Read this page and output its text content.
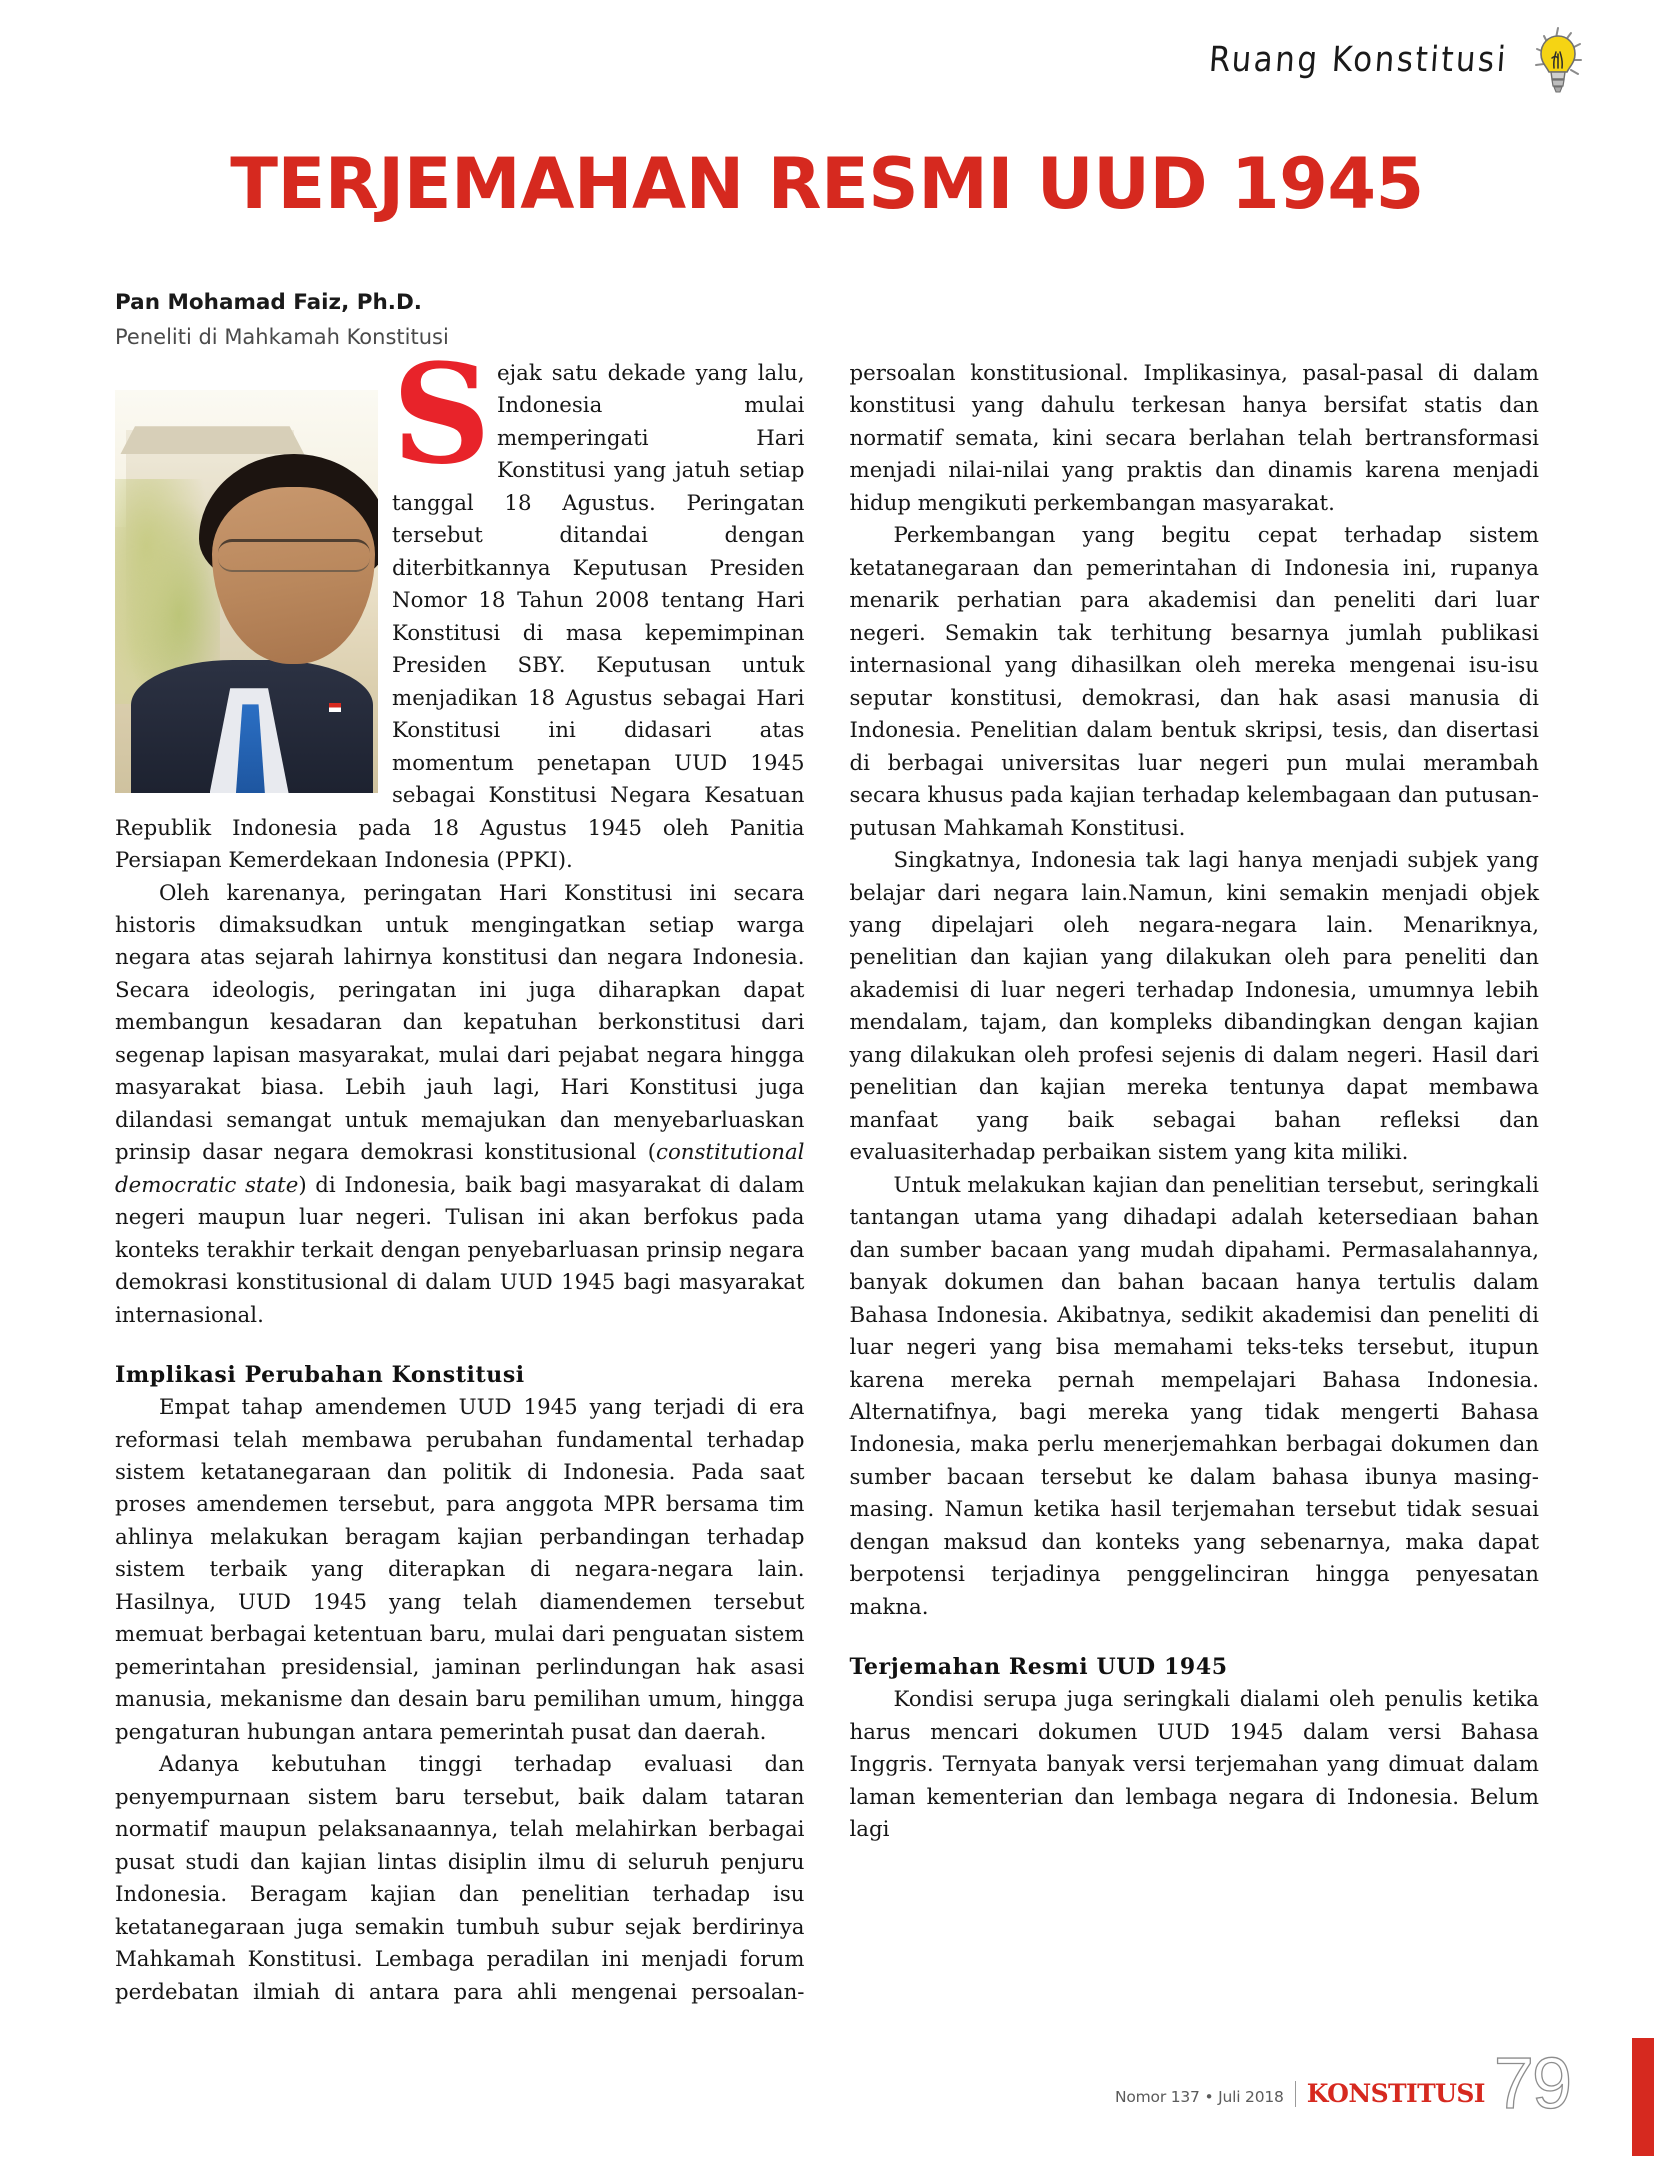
Ruang Konstitusi
TERJEMAHAN RESMI UUD 1945
Pan Mohamad Faiz, Ph.D.
Peneliti di Mahkamah Konstitusi

Sejak satu dekade yang lalu, Indonesia mulai memperingati Hari Konstitusi yang jatuh setiap tanggal 18 Agustus. Peringatan tersebut ditandai dengan diterbitkannya Keputusan Presiden Nomor 18 Tahun 2008 tentang Hari Konstitusi di masa kepemimpinan Presiden SBY. Keputusan untuk menjadikan 18 Agustus sebagai Hari Konstitusi ini didasari atas momentum penetapan UUD 1945 sebagai Konstitusi Negara Kesatuan Republik Indonesia pada 18 Agustus 1945 oleh Panitia Persiapan Kemerdekaan Indonesia (PPKI).

Oleh karenanya, peringatan Hari Konstitusi ini secara historis dimaksudkan untuk mengingatkan setiap warga negara atas sejarah lahirnya konstitusi dan negara Indonesia. Secara ideologis, peringatan ini juga diharapkan dapat membangun kesadaran dan kepatuhan berkonstitusi dari segenap lapisan masyarakat, mulai dari pejabat negara hingga masyarakat biasa. Lebih jauh lagi, Hari Konstitusi juga dilandasi semangat untuk memajukan dan menyebarluaskan prinsip dasar negara demokrasi konstitusional (constitutional democratic state) di Indonesia, baik bagi masyarakat di dalam negeri maupun luar negeri. Tulisan ini akan berfokus pada konteks terakhir terkait dengan penyebarluasan prinsip negara demokrasi konstitusional di dalam UUD 1945 bagi masyarakat internasional.

Implikasi Perubahan Konstitusi

Empat tahap amendemen UUD 1945 yang terjadi di era reformasi telah membawa perubahan fundamental terhadap sistem ketatanegaraan dan politik di Indonesia. Pada saat proses amendemen tersebut, para anggota MPR bersama tim ahlinya melakukan beragam kajian perbandingan terhadap sistem terbaik yang diterapkan di negara-negara lain. Hasilnya, UUD 1945 yang telah diamendemen tersebut memuat berbagai ketentuan baru, mulai dari penguatan sistem pemerintahan presidensial, jaminan perlindungan hak asasi manusia, mekanisme dan desain baru pemilihan umum, hingga pengaturan hubungan antara pemerintah pusat dan daerah.

Adanya kebutuhan tinggi terhadap evaluasi dan penyempurnaan sistem baru tersebut, baik dalam tataran normatif maupun pelaksanaannya, telah melahirkan berbagai pusat studi dan kajian lintas disiplin ilmu di seluruh penjuru Indonesia. Beragam kajian dan penelitian terhadap isu ketatanegaraan juga semakin tumbuh subur sejak berdirinya Mahkamah Konstitusi. Lembaga peradilan ini menjadi forum perdebatan ilmiah di antara para ahli mengenai persoalan-persoalan konstitusional. Implikasinya, pasal-pasal di dalam konstitusi yang dahulu terkesan hanya bersifat statis dan normatif semata, kini secara berlahan telah bertransformasi menjadi nilai-nilai yang praktis dan dinamis karena menjadi hidup mengikuti perkembangan masyarakat.

Perkembangan yang begitu cepat terhadap sistem ketatanegaraan dan pemerintahan di Indonesia ini, rupanya menarik perhatian para akademisi dan peneliti dari luar negeri. Semakin tak terhitung besarnya jumlah publikasi internasional yang dihasilkan oleh mereka mengenai isu-isu seputar konstitusi, demokrasi, dan hak asasi manusia di Indonesia. Penelitian dalam bentuk skripsi, tesis, dan disertasi di berbagai universitas luar negeri pun mulai merambah secara khusus pada kajian terhadap kelembagaan dan putusan-putusan Mahkamah Konstitusi.

Singkatnya, Indonesia tak lagi hanya menjadi subjek yang belajar dari negara lain.Namun, kini semakin menjadi objek yang dipelajari oleh negara-negara lain. Menariknya, penelitian dan kajian yang dilakukan oleh para peneliti dan akademisi di luar negeri terhadap Indonesia, umumnya lebih mendalam, tajam, dan kompleks dibandingkan dengan kajian yang dilakukan oleh profesi sejenis di dalam negeri. Hasil dari penelitian dan kajian mereka tentunya dapat membawa manfaat yang baik sebagai bahan refleksi dan evaluasiterhadap perbaikan sistem yang kita miliki.

Untuk melakukan kajian dan penelitian tersebut, seringkali tantangan utama yang dihadapi adalah ketersediaan bahan dan sumber bacaan yang mudah dipahami. Permasalahannya, banyak dokumen dan bahan bacaan hanya tertulis dalam Bahasa Indonesia. Akibatnya, sedikit akademisi dan peneliti di luar negeri yang bisa memahami teks-teks tersebut, itupun karena mereka pernah mempelajari Bahasa Indonesia. Alternatifnya, bagi mereka yang tidak mengerti Bahasa Indonesia, maka perlu menerjemahkan berbagai dokumen dan sumber bacaan tersebut ke dalam bahasa ibunya masing-masing. Namun ketika hasil terjemahan tersebut tidak sesuai dengan maksud dan konteks yang sebenarnya, maka dapat berpotensi terjadinya penggelinciran hingga penyesatan makna.

Terjemahan Resmi UUD 1945

Kondisi serupa juga seringkali dialami oleh penulis ketika harus mencari dokumen UUD 1945 dalam versi Bahasa Inggris. Ternyata banyak versi terjemahan yang dimuat dalam laman kementerian dan lembaga negara di Indonesia. Belum lagi

Nomor 137 • Juli 2018 KONSTITUSI 79
